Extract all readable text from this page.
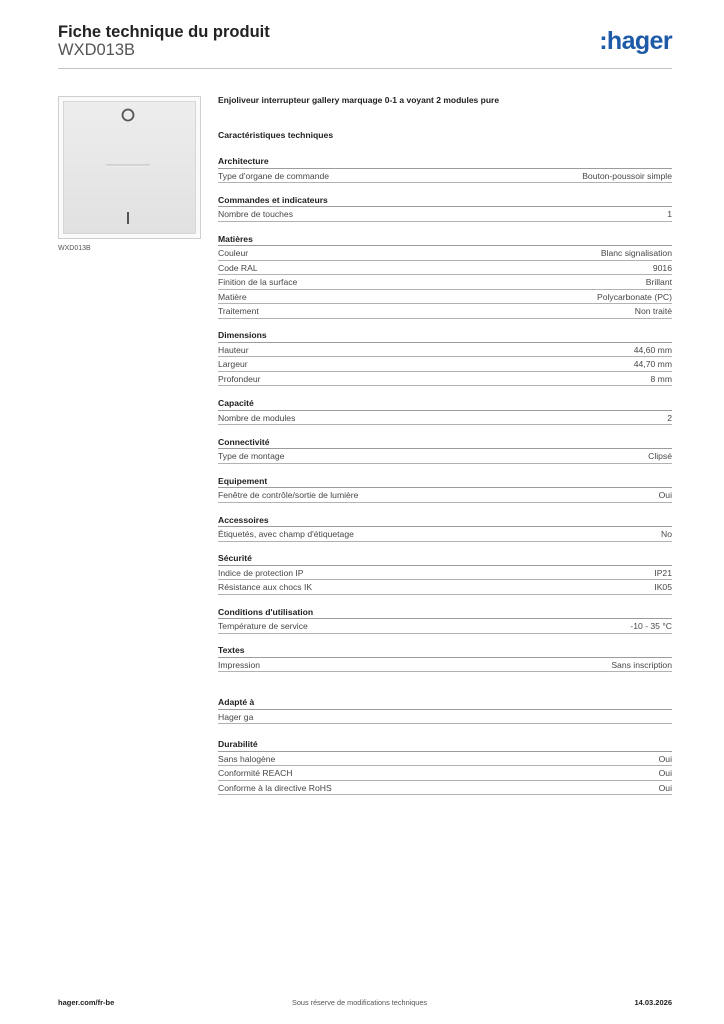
Fiche technique du produit
WXD013B	:hager
WXD013B
Enjoliveur interrupteur gallery marquage 0-1 a voyant 2 modules pure
Caractéristiques techniques
Architecture
Type d'organe de commande	Bouton-poussoir simple
Commandes et indicateurs
Nombre de touches	1
Matières
Couleur	Blanc signalisation
Code RAL	9016
Finition de la surface	Brillant
Matière	Polycarbonate (PC)
Traitement	Non traité
Dimensions
Hauteur	44,60 mm
Largeur	44,70 mm
Profondeur	8 mm
Capacité
Nombre de modules	2
Connectivité
Type de montage	Clipsé
Equipement
Fenêtre de contrôle/sortie de lumière	Oui
Accessoires
Étiquetés, avec champ d'étiquetage	No
Sécurité
Indice de protection IP	IP21
Résistance aux chocs IK	IK05
Conditions d'utilisation
Température de service	-10 - 35 °C
Textes
Impression	Sans inscription
Adapté à
Hager ga
Durabilité
Sans halogène	Oui
Conformité REACH	Oui
Conforme à la directive RoHS	Oui
hager.com/fr-be	Sous réserve de modifications techniques	14.03.2026
